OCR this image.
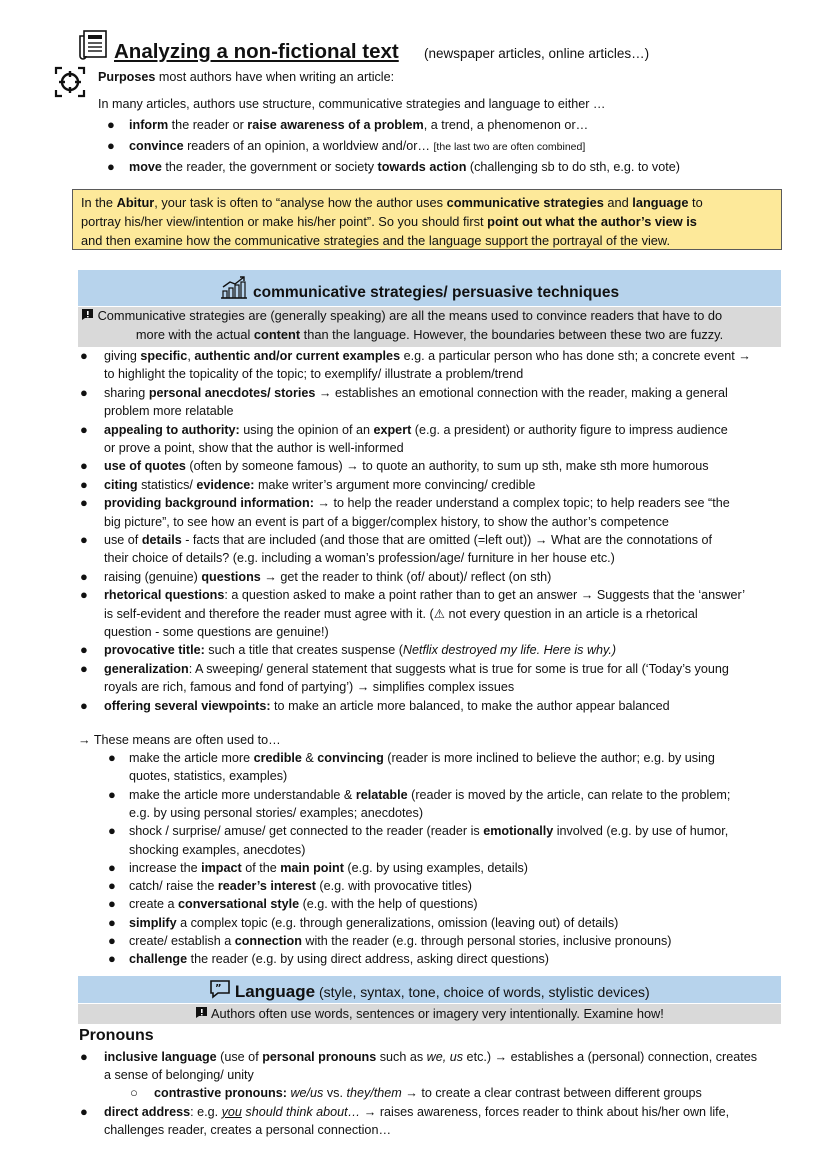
Analyzing a non-fictional text (newspaper articles, online articles…)
Purposes most authors have when writing an article:
In many articles, authors use structure, communicative strategies and language to either …
● inform the reader or raise awareness of a problem, a trend, a phenomenon or…
● convince readers of an opinion, a worldview and/or… [the last two are often combined]
● move the reader, the government or society towards action (challenging sb to do sth, e.g. to vote)
In the Abitur, your task is often to “analyse how the author uses communicative strategies and language to
portray his/her view/intention or make his/her point”. So you should first point out what the author’s view is
and then examine how the communicative strategies and the language support the portrayal of the view.
communicative strategies/ persuasive techniques
Communicative strategies are (generally speaking) are all the means used to convince readers that have to do
more with the actual content than the language. However, the boundaries between these two are fuzzy.
● giving specific, authentic and/or current examples e.g. a particular person who has done sth; a concrete event →
to highlight the topicality of the topic; to exemplify/ illustrate a problem/trend
● sharing personal anecdotes/ stories → establishes an emotional connection with the reader, making a general
problem more relatable
● appealing to authority: using the opinion of an expert (e.g. a president) or authority figure to impress audience
or prove a point, show that the author is well-informed
● use of quotes (often by someone famous) → to quote an authority, to sum up sth, make sth more humorous
● citing statistics/ evidence: make writer’s argument more convincing/ credible
● providing background information: → to help the reader understand a complex topic; to help readers see “the
big picture”, to see how an event is part of a bigger/complex history, to show the author’s competence
● use of details - facts that are included (and those that are omitted (=left out)) → What are the connotations of
their choice of details? (e.g. including a woman’s profession/age/ furniture in her house etc.)
● raising (genuine) questions → get the reader to think (of/ about)/ reflect (on sth)
● rhetorical questions: a question asked to make a point rather than to get an answer → Suggests that the ‘answer’
is self-evident and therefore the reader must agree with it. (⚠ not every question in an article is a rhetorical
question - some questions are genuine!)
● provocative title: such a title that creates suspense (Netflix destroyed my life. Here is why.)
● generalization: A sweeping/ general statement that suggests what is true for some is true for all (‘Today’s young
royals are rich, famous and fond of partying’) → simplifies complex issues
● offering several viewpoints: to make an article more balanced, to make the author appear balanced
● make the article more credible & convincing (reader is more inclined to believe the author; e.g. by using
quotes, statistics, examples)
● make the article more understandable & relatable (reader is moved by the article, can relate to the problem;
e.g. by using personal stories/ examples; anecdotes)
● shock / surprise/ amuse/ get connected to the reader (reader is emotionally involved (e.g. by use of humor,
shocking examples, anecdotes)
● increase the impact of the main point (e.g. by using examples, details)
● catch/ raise the reader’s interest (e.g. with provocative titles)
● create a conversational style (e.g. with the help of questions)
● simplify a complex topic (e.g. through generalizations, omission (leaving out) of details)
● create/ establish a connection with the reader (e.g. through personal stories, inclusive pronouns)
● challenge the reader (e.g. by using direct address, asking direct questions)
→ These means are often used to…
” Language (style, syntax, tone, choice of words, stylistic devices)
Authors often use words, sentences or imagery very intentionally. Examine how!
Pronouns
● inclusive language (use of personal pronouns such as we, us etc.) → establishes a (personal) connection, creates
a sense of belonging/ unity
○ contrastive pronouns: we/us vs. they/them → to create a clear contrast between different groups
● direct address: e.g. you should think about… → raises awareness, forces reader to think about his/her own life,
challenges reader, creates a personal connection…
